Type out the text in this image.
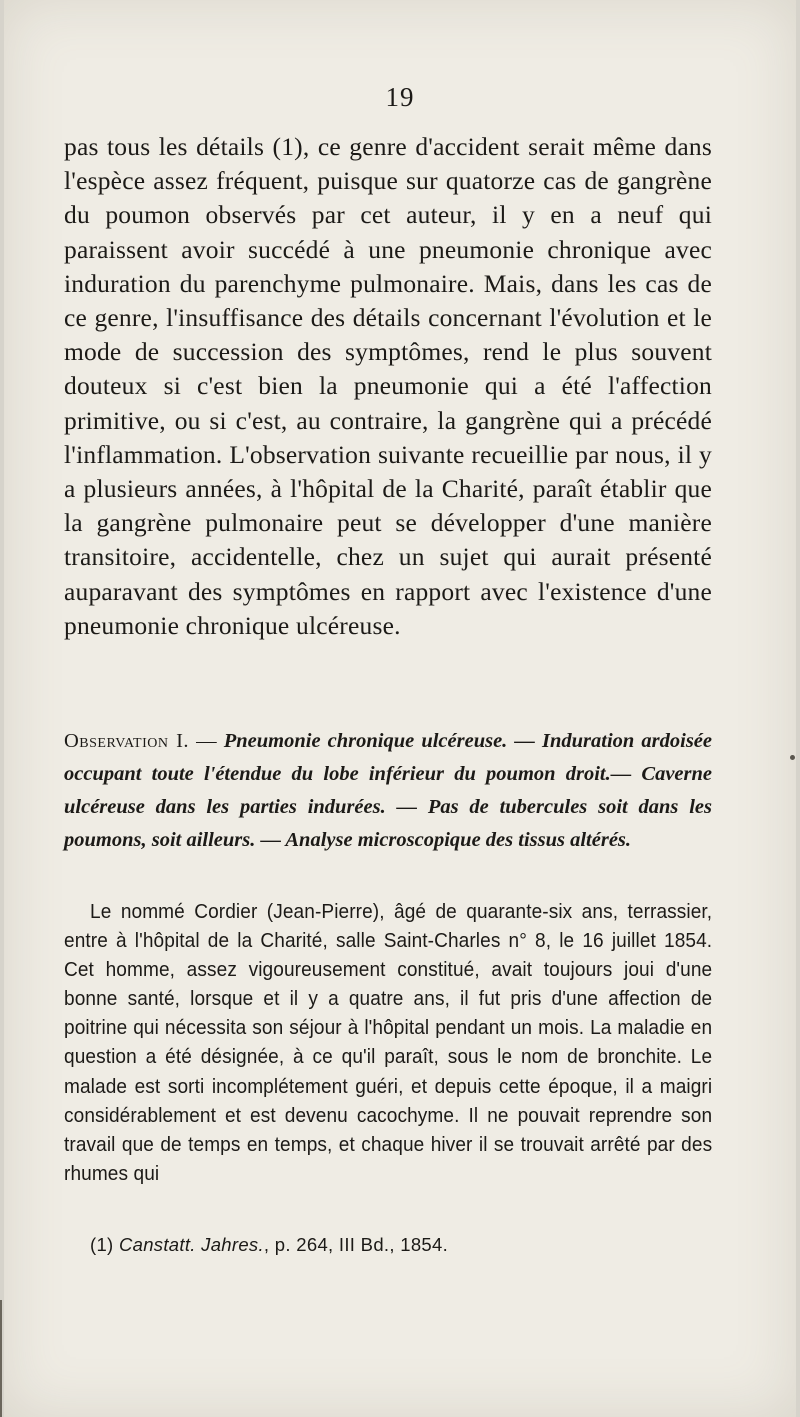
19

pas tous les détails (1), ce genre d'accident serait même dans l'espèce assez fréquent, puisque sur quatorze cas de gangrène du poumon observés par cet auteur, il y en a neuf qui paraissent avoir succédé à une pneumonie chronique avec induration du parenchyme pulmonaire. Mais, dans les cas de ce genre, l'insuffisance des détails concernant l'évolution et le mode de succession des symptômes, rend le plus souvent douteux si c'est bien la pneumonie qui a été l'affection primitive, ou si c'est, au contraire, la gangrène qui a précédé l'inflammation. L'observation suivante recueillie par nous, il y a plusieurs années, à l'hôpital de la Charité, paraît établir que la gangrène pulmonaire peut se développer d'une manière transitoire, accidentelle, chez un sujet qui aurait présenté auparavant des symptômes en rapport avec l'existence d'une pneumonie chronique ulcéreuse.

Observation I. — Pneumonie chronique ulcéreuse. — Induration ardoisée occupant toute l'étendue du lobe inférieur du poumon droit.— Caverne ulcéreuse dans les parties indurées. — Pas de tubercules soit dans les poumons, soit ailleurs. — Analyse microscopique des tissus altérés.

Le nommé Cordier (Jean-Pierre), âgé de quarante-six ans, terrassier, entre à l'hôpital de la Charité, salle Saint-Charles n° 8, le 16 juillet 1854. Cet homme, assez vigoureusement constitué, avait toujours joui d'une bonne santé, lorsque et il y a quatre ans, il fut pris d'une affection de poitrine qui nécessita son séjour à l'hôpital pendant un mois. La maladie en question a été désignée, à ce qu'il paraît, sous le nom de bronchite. Le malade est sorti incomplétement guéri, et depuis cette époque, il a maigri considérablement et est devenu cacochyme. Il ne pouvait reprendre son travail que de temps en temps, et chaque hiver il se trouvait arrêté par des rhumes qui

(1) Canstatt. Jahres., p. 264, III Bd., 1854.
